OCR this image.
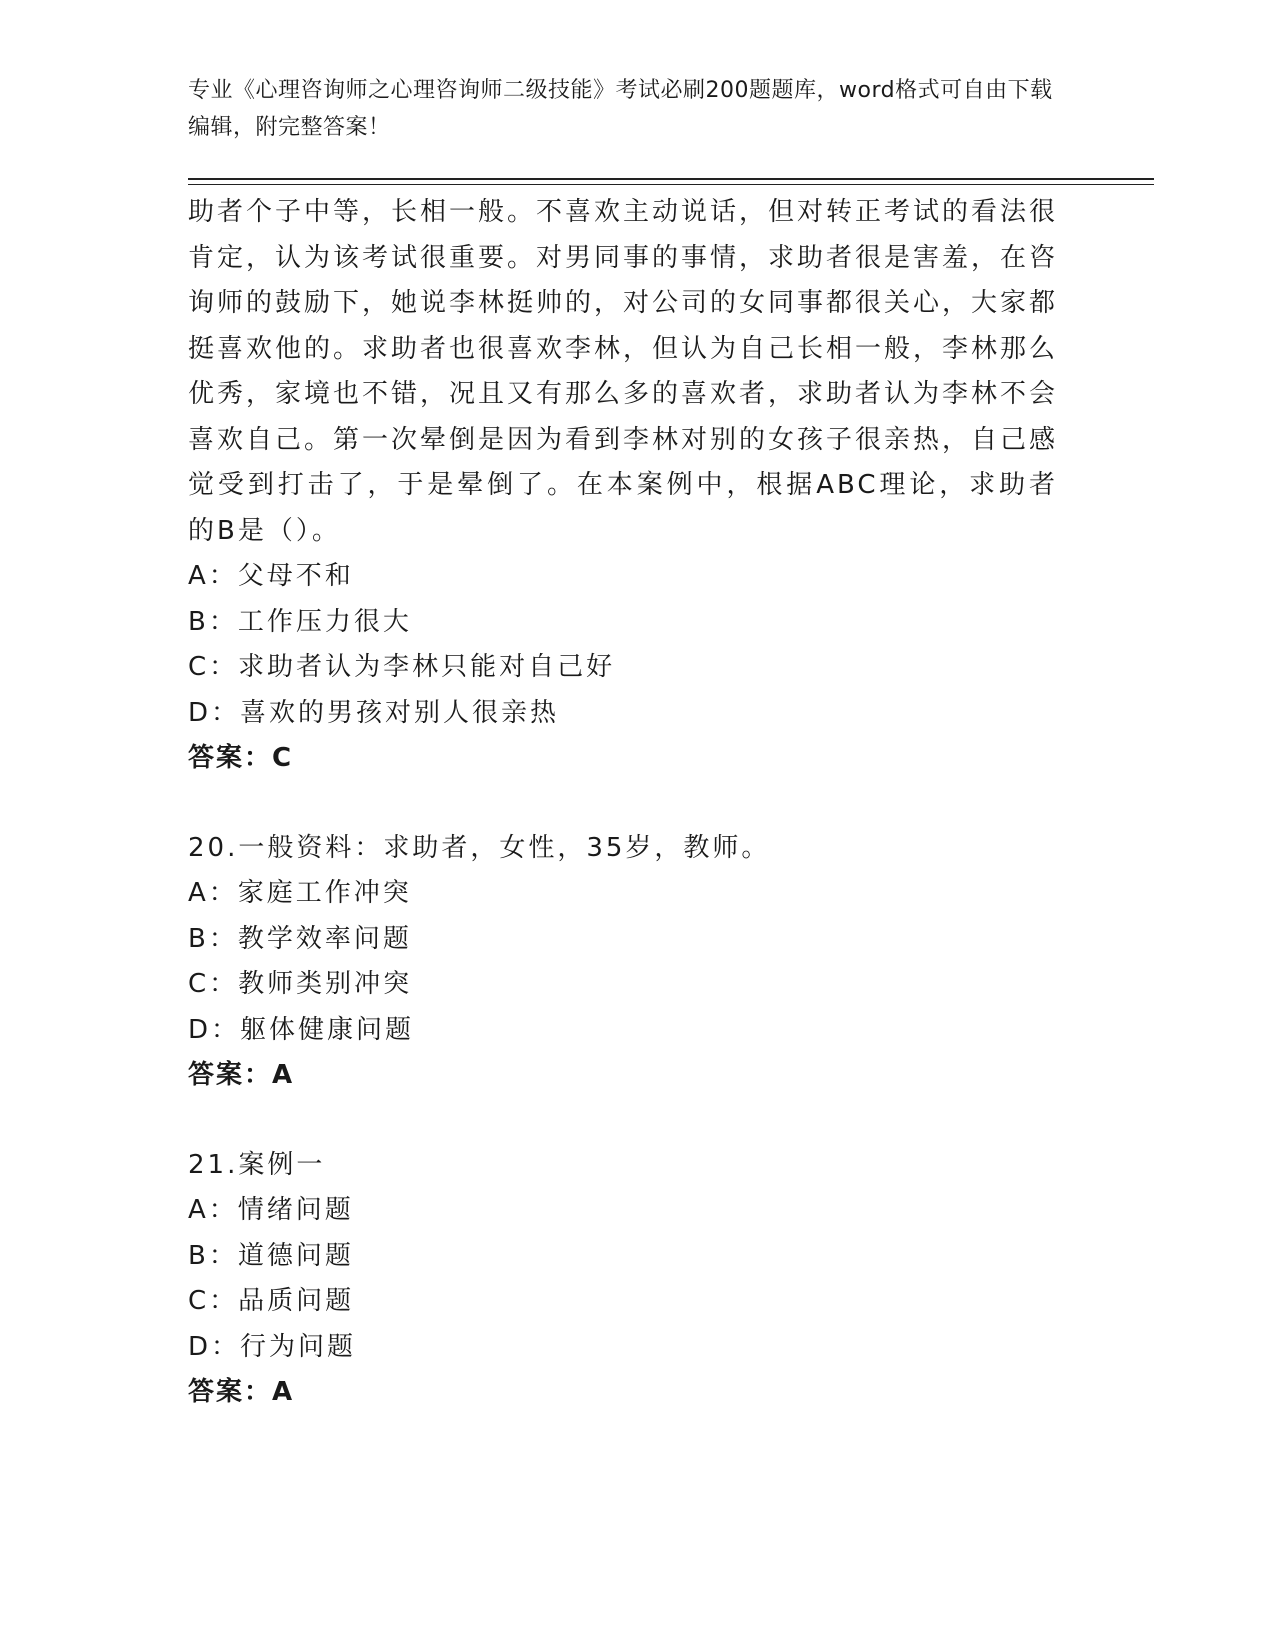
专业《心理咨询师之心理咨询师二级技能》考试必刷200题题库，word格式可自由下载编辑，附完整答案！

助者个子中等，长相一般。不喜欢主动说话，但对转正考试的看法很肯定，认为该考试很重要。对男同事的事情，求助者很是害羞，在咨询师的鼓励下，她说李林挺帅的，对公司的女同事都很关心，大家都挺喜欢他的。求助者也很喜欢李林，但认为自己长相一般，李林那么优秀，家境也不错，况且又有那么多的喜欢者，求助者认为李林不会喜欢自己。第一次晕倒是因为看到李林对别的女孩子很亲热，自己感觉受到打击了，于是晕倒了。在本案例中，根据ABC理论，求助者的B是（）。

A：父母不和

B：工作压力很大

C：求助者认为李林只能对自己好

D：喜欢的男孩对别人很亲热

答案：C

20.一般资料：求助者，女性，35岁，教师。

A：家庭工作冲突

B：教学效率问题

C：教师类别冲突

D：躯体健康问题

答案：A

21.案例一

A：情绪问题

B：道德问题

C：品质问题

D：行为问题

答案：A
